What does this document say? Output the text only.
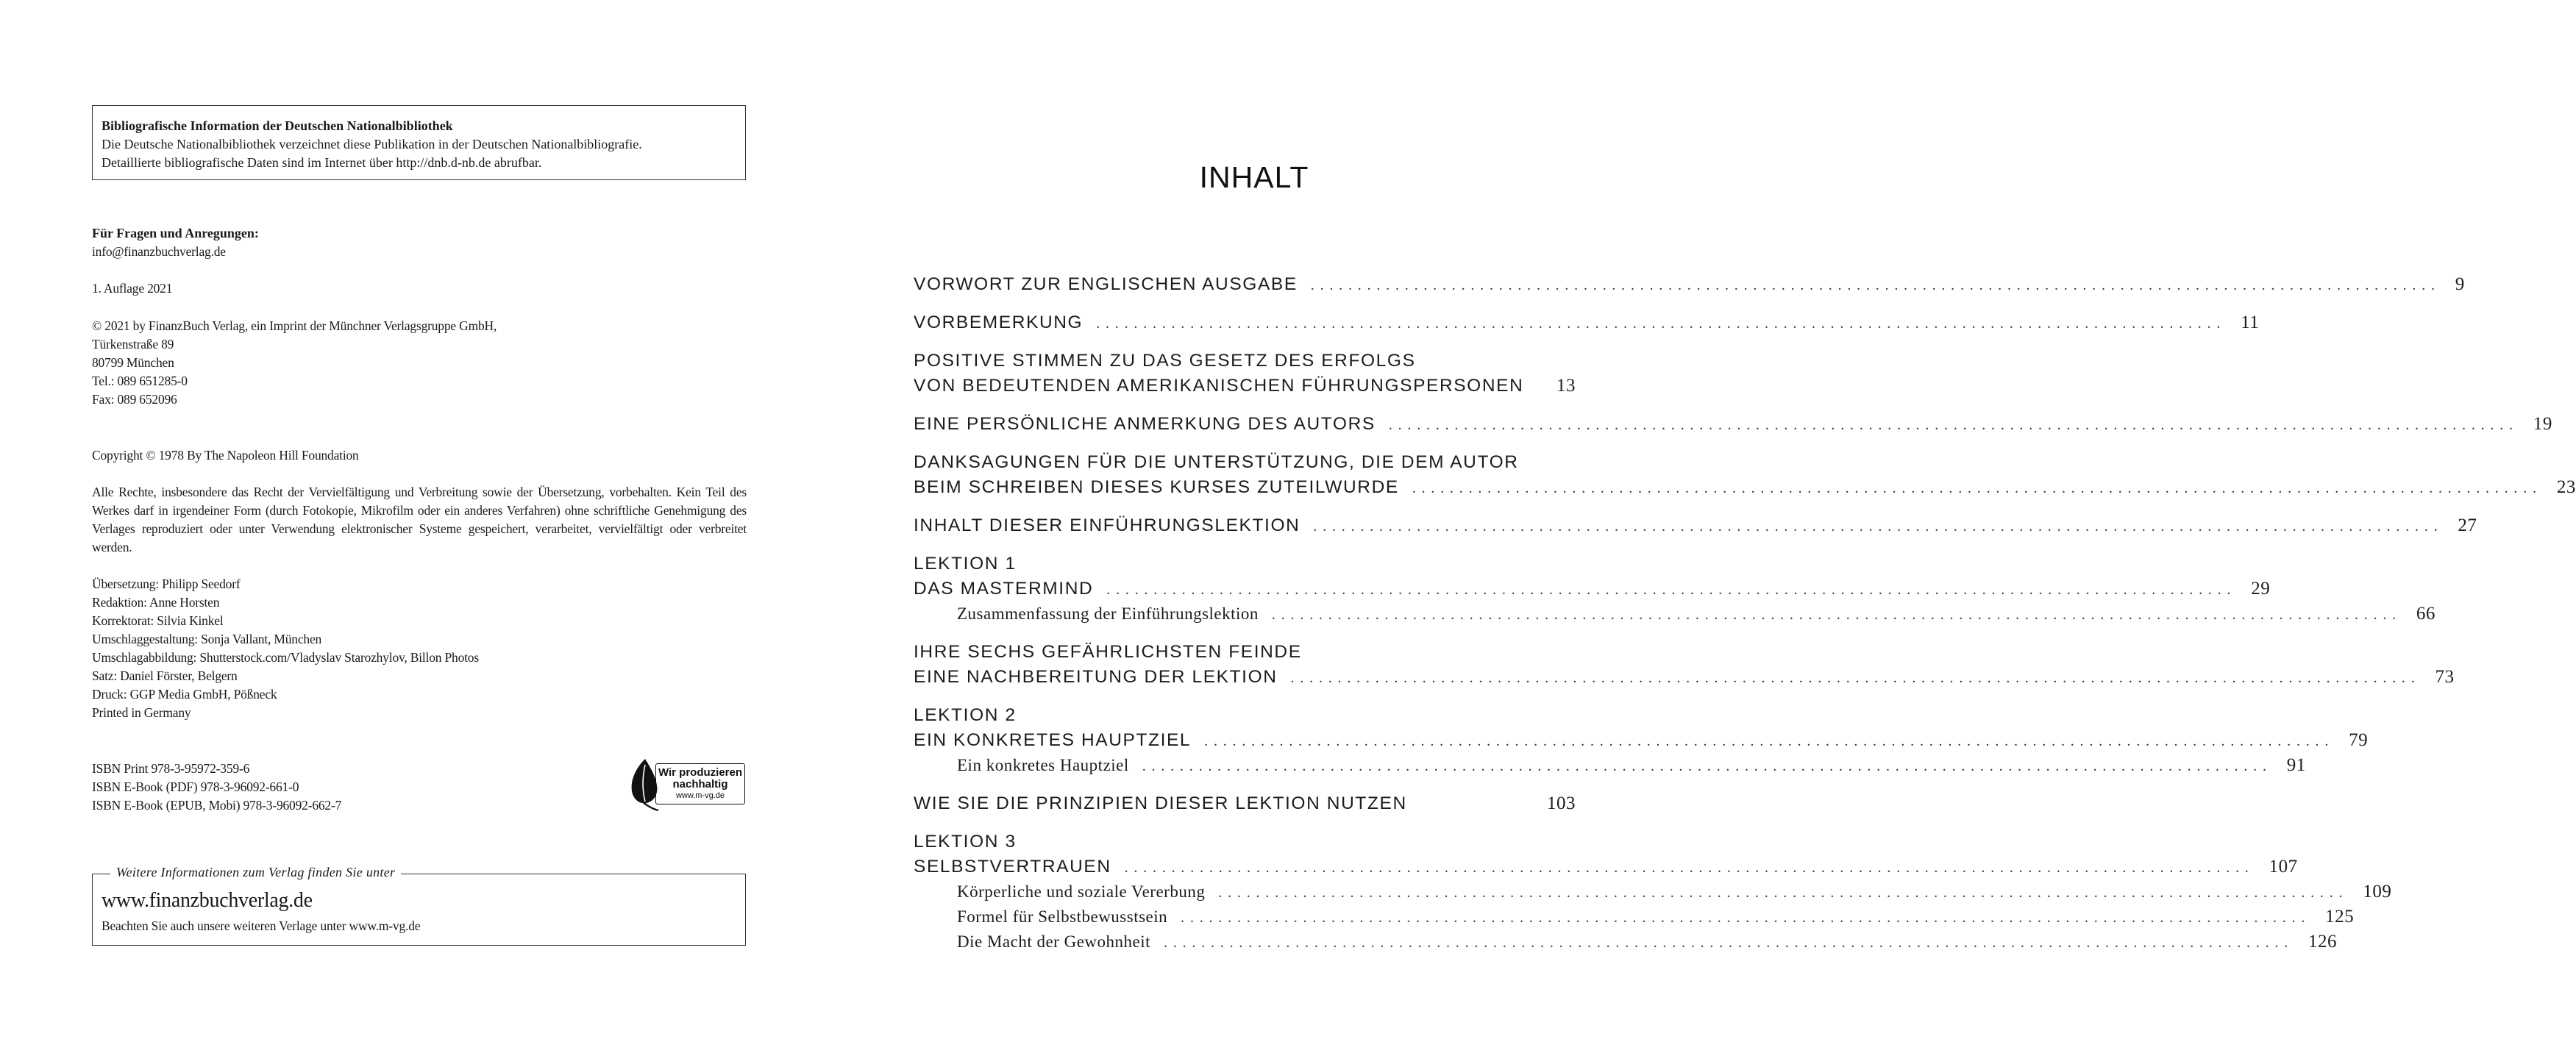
Bibliografische Information der Deutschen Nationalbibliothek
Die Deutsche Nationalbibliothek verzeichnet diese Publikation in der Deutschen Nationalbibliografie.
Detaillierte bibliografische Daten sind im Internet über http://dnb.d-nb.de abrufbar.
Für Fragen und Anregungen:
info@finanzbuchverlag.de
1. Auflage 2021
© 2021 by FinanzBuch Verlag, ein Imprint der Münchner Verlagsgruppe GmbH,
Türkenstraße 89
80799 München
Tel.: 089 651285-0
Fax: 089 652096
Copyright © 1978 By The Napoleon Hill Foundation
Alle Rechte, insbesondere das Recht der Vervielfältigung und Verbreitung sowie der Übersetzung, vorbehalten. Kein Teil des Werkes darf in irgendeiner Form (durch Fotokopie, Mikrofilm oder ein anderes Verfahren) ohne schriftliche Genehmigung des Verlages reproduziert oder unter Verwendung elektronischer Systeme gespeichert, verarbeitet, vervielfältigt oder verbreitet werden.
Übersetzung: Philipp Seedorf
Redaktion: Anne Horsten
Korrektorat: Silvia Kinkel
Umschlaggestaltung: Sonja Vallant, München
Umschlagabbildung: Shutterstock.com/Vladyslav Starozhylov, Billon Photos
Satz: Daniel Förster, Belgern
Druck: GGP Media GmbH, Pößneck
Printed in Germany
ISBN Print 978-3-95972-359-6
ISBN E-Book (PDF) 978-3-96092-661-0
ISBN E-Book (EPUB, Mobi) 978-3-96092-662-7
Wir produzieren
nachhaltig
www.m-vg.de
Weitere Informationen zum Verlag finden Sie unter
www.finanzbuchverlag.de
Beachten Sie auch unsere weiteren Verlage unter www.m-vg.de
INHALT
VORWORT ZUR ENGLISCHEN AUSGABE ........................................................................................................................ 9
VORBEMERKUNG ........................................................................................................................ 11
POSITIVE STIMMEN ZU DAS GESETZ DES ERFOLGS
VON BEDEUTENDEN AMERIKANISCHEN FÜHRUNGSPERSONEN 13
EINE PERSÖNLICHE ANMERKUNG DES AUTORS ........................................................................................................................ 19
DANKSAGUNGEN FÜR DIE UNTERSTÜTZUNG, DIE DEM AUTOR
BEIM SCHREIBEN DIESES KURSES ZUTEILWURDE ........................................................................................................................ 23
INHALT DIESER EINFÜHRUNGSLEKTION ........................................................................................................................ 27
LEKTION 1
DAS MASTERMIND ........................................................................................................................ 29
Zusammenfassung der Einführungslektion ........................................................................................................................ 66
IHRE SECHS GEFÄHRLICHSTEN FEINDE
EINE NACHBEREITUNG DER LEKTION ........................................................................................................................ 73
LEKTION 2
EIN KONKRETES HAUPTZIEL ........................................................................................................................ 79
Ein konkretes Hauptziel ........................................................................................................................ 91
WIE SIE DIE PRINZIPIEN DIESER LEKTION NUTZEN	103
LEKTION 3
SELBSTVERTRAUEN ........................................................................................................................ 107
Körperliche und soziale Vererbung ........................................................................................................................ 109
Formel für Selbstbewusstsein ........................................................................................................................ 125
Die Macht der Gewohnheit ........................................................................................................................ 126
